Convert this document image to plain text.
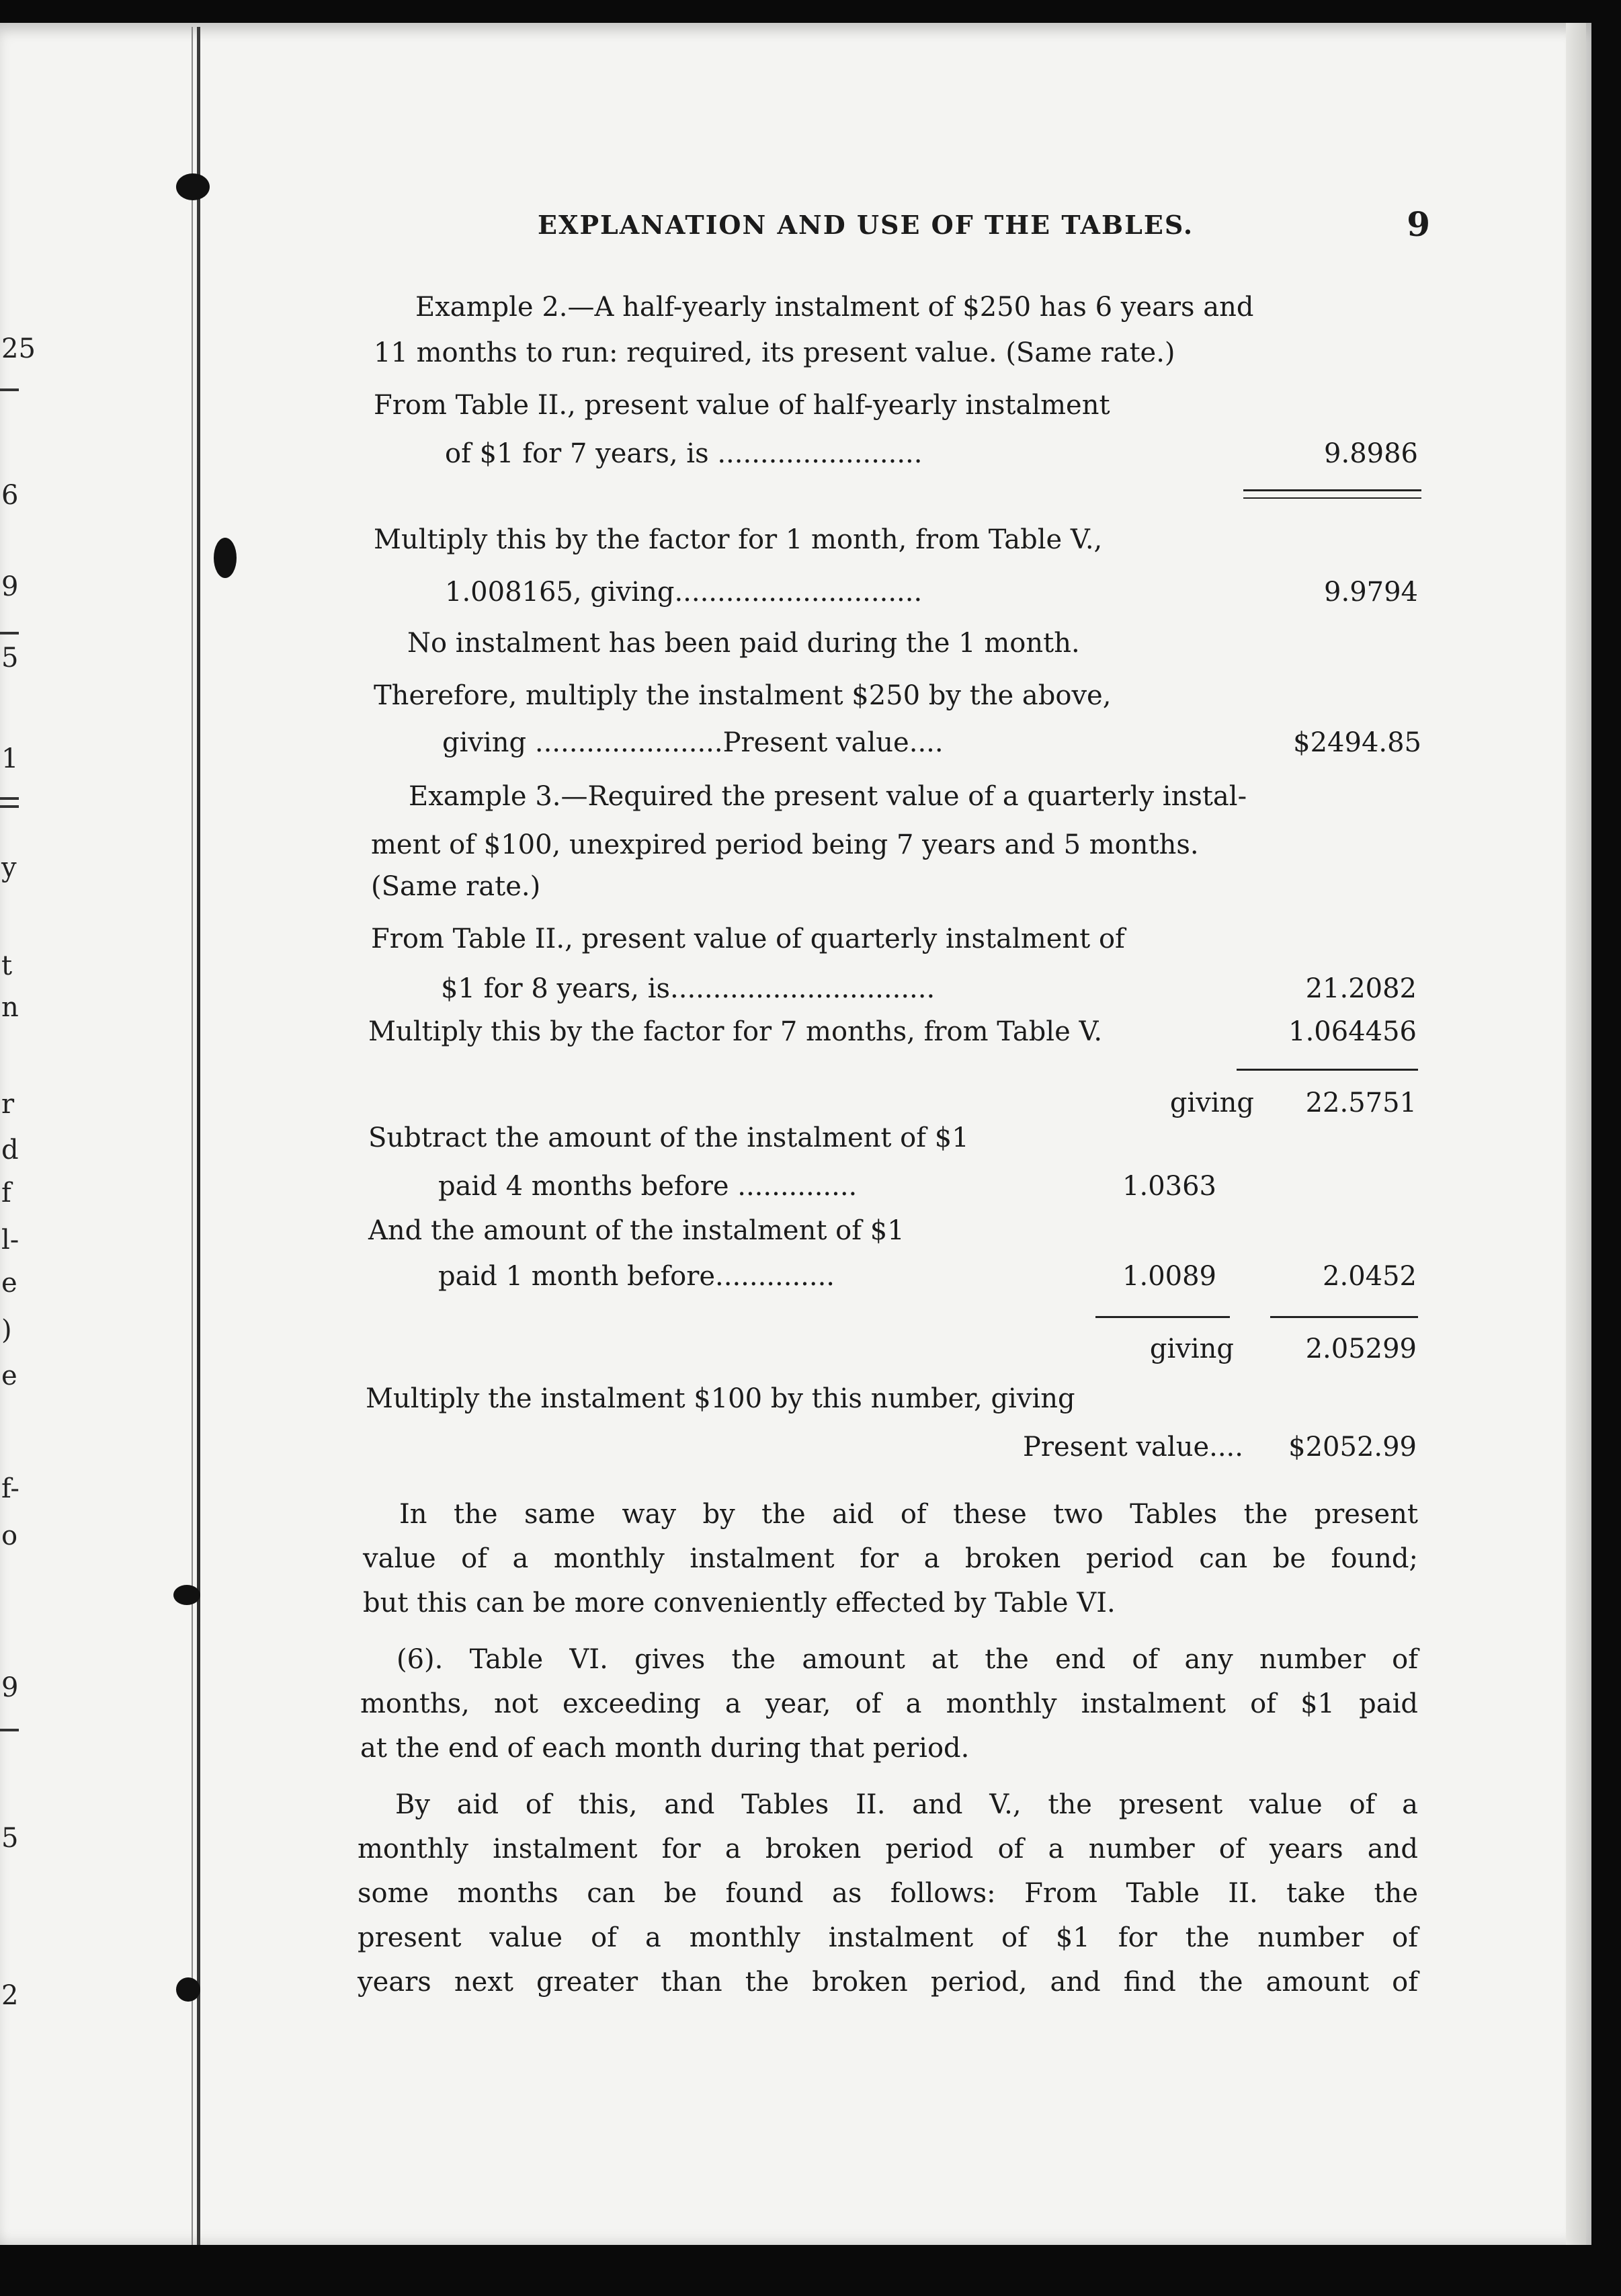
25
6
9
5
1
y
t
n
r
d
f
l-
e
)
e
f-
o
9
5
2
EXPLANATION AND USE OF THE TABLES.	9
Example 2.—A half-yearly instalment of $250 has 6 years and
11 months to run: required, its present value. (Same rate.)
From Table II., present value of half-yearly instalment
of $1 for 7 years, is ........................	9.8986
Multiply this by the factor for 1 month, from Table V.,
1.008165, giving.............................	9.9794
No instalment has been paid during the 1 month.
Therefore, multiply the instalment $250 by the above,
giving ......................Present value....	$2494.85
Example 3.—Required the present value of a quarterly instal-
ment of $100, unexpired period being 7 years and 5 months.
(Same rate.)
From Table II., present value of quarterly instalment of
$1 for 8 years, is...............................	21.2082
Multiply this by the factor for 7 months, from Table V.	1.064456
giving	22.5751
Subtract the amount of the instalment of $1
paid 4 months before ..............	1.0363
And the amount of the instalment of $1
paid 1 month before..............	1.0089	2.0452
giving	2.05299
Multiply the instalment $100 by this number, giving
Present value....	$2052.99
In the same way by the aid of these two Tables the present
value of a monthly instalment for a broken period can be found;
but this can be more conveniently effected by Table VI.
(6). Table VI. gives the amount at the end of any number of
months, not exceeding a year, of a monthly instalment of $1 paid
at the end of each month during that period.
By aid of this, and Tables II. and V., the present value of a
monthly instalment for a broken period of a number of years and
some months can be found as follows: From Table II. take the
present value of a monthly instalment of $1 for the number of
years next greater than the broken period, and find the amount of
